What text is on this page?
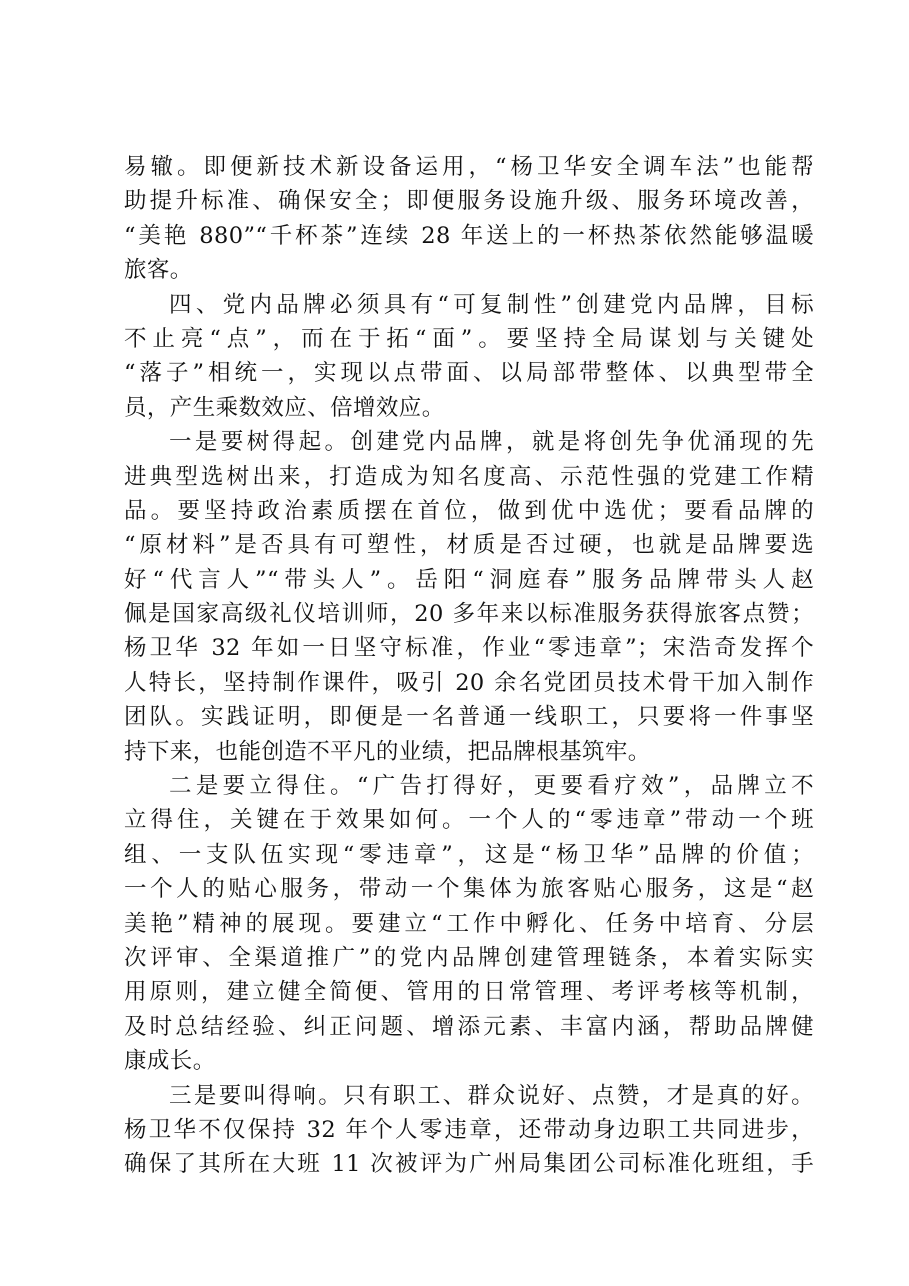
易辙。即便新技术新设备运用，“杨卫华安全调车法”也能帮
助提升标准、确保安全；即便服务设施升级、服务环境改善，
“美艳 880”“千杯茶”连续 28 年送上的一杯热茶依然能够温暖
旅客。
四、党内品牌必须具有“可复制性”创建党内品牌，目标
不止亮“点”，而在于拓“面”。要坚持全局谋划与关键处
“落子”相统一，实现以点带面、以局部带整体、以典型带全
员，产生乘数效应、倍增效应。
一是要树得起。创建党内品牌，就是将创先争优涌现的先
进典型选树出来，打造成为知名度高、示范性强的党建工作精
品。要坚持政治素质摆在首位，做到优中选优；要看品牌的
“原材料”是否具有可塑性，材质是否过硬，也就是品牌要选
好“代言人”“带头人”。岳阳“洞庭春”服务品牌带头人赵
佩是国家高级礼仪培训师，20 多年来以标准服务获得旅客点赞；
杨卫华 32 年如一日坚守标准，作业“零违章”；宋浩奇发挥个
人特长，坚持制作课件，吸引 20 余名党团员技术骨干加入制作
团队。实践证明，即便是一名普通一线职工，只要将一件事坚
持下来，也能创造不平凡的业绩，把品牌根基筑牢。
二是要立得住。“广告打得好，更要看疗效”，品牌立不
立得住，关键在于效果如何。一个人的“零违章”带动一个班
组、一支队伍实现“零违章”，这是“杨卫华”品牌的价值；
一个人的贴心服务，带动一个集体为旅客贴心服务，这是“赵
美艳”精神的展现。要建立“工作中孵化、任务中培育、分层
次评审、全渠道推广”的党内品牌创建管理链条，本着实际实
用原则，建立健全简便、管用的日常管理、考评考核等机制，
及时总结经验、纠正问题、增添元素、丰富内涵，帮助品牌健
康成长。
三是要叫得响。只有职工、群众说好、点赞，才是真的好。
杨卫华不仅保持 32 年个人零违章，还带动身边职工共同进步，
确保了其所在大班 11 次被评为广州局集团公司标准化班组，手
